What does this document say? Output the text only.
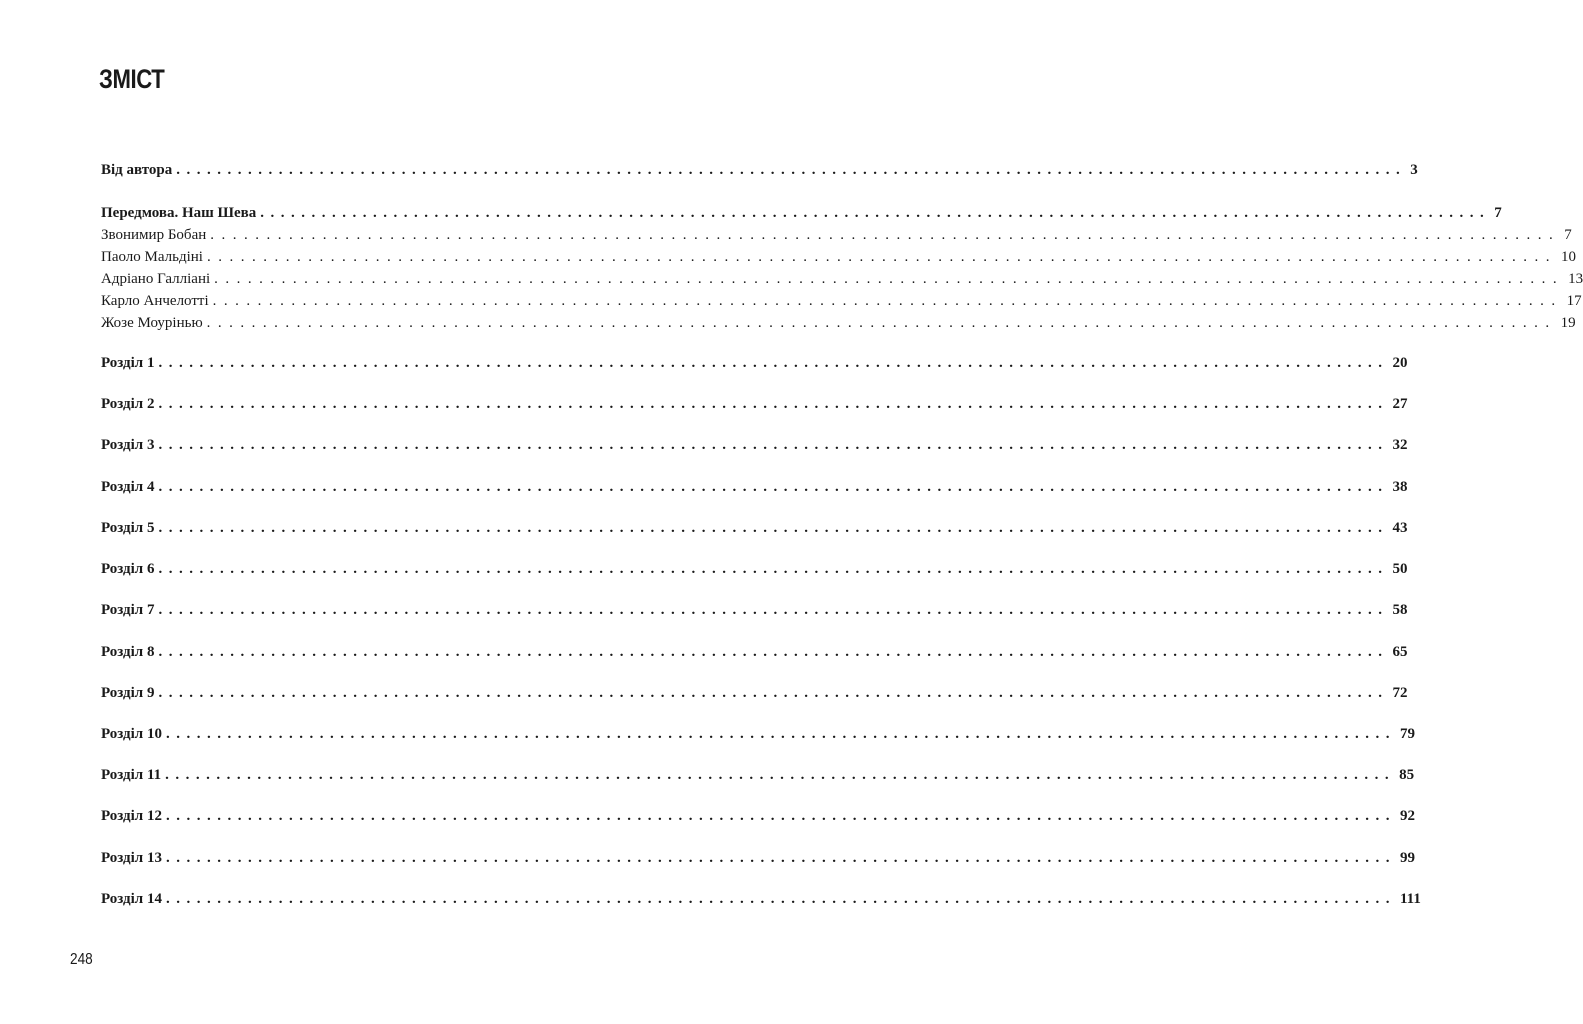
ЗМІСТ
Від автора ........................................................................................................................ 3
Передмова. Наш Шева ........................................................................................................................ 7
Звонимир Бобан ........................................................................................................................ 7
Паоло Мальдіні ........................................................................................................................ 10
Адріано Галліані ........................................................................................................................ 13
Карло Анчелотті ........................................................................................................................ 17
Жозе Моурінью ........................................................................................................................ 19
Розділ 1 ........................................................................................................................ 20
Розділ 2 ........................................................................................................................ 27
Розділ 3 ........................................................................................................................ 32
Розділ 4 ........................................................................................................................ 38
Розділ 5 ........................................................................................................................ 43
Розділ 6 ........................................................................................................................ 50
Розділ 7 ........................................................................................................................ 58
Розділ 8 ........................................................................................................................ 65
Розділ 9 ........................................................................................................................ 72
Розділ 10 ........................................................................................................................ 79
Розділ 11 ........................................................................................................................ 85
Розділ 12 ........................................................................................................................ 92
Розділ 13 ........................................................................................................................ 99
Розділ 14 ........................................................................................................................ 111

248
